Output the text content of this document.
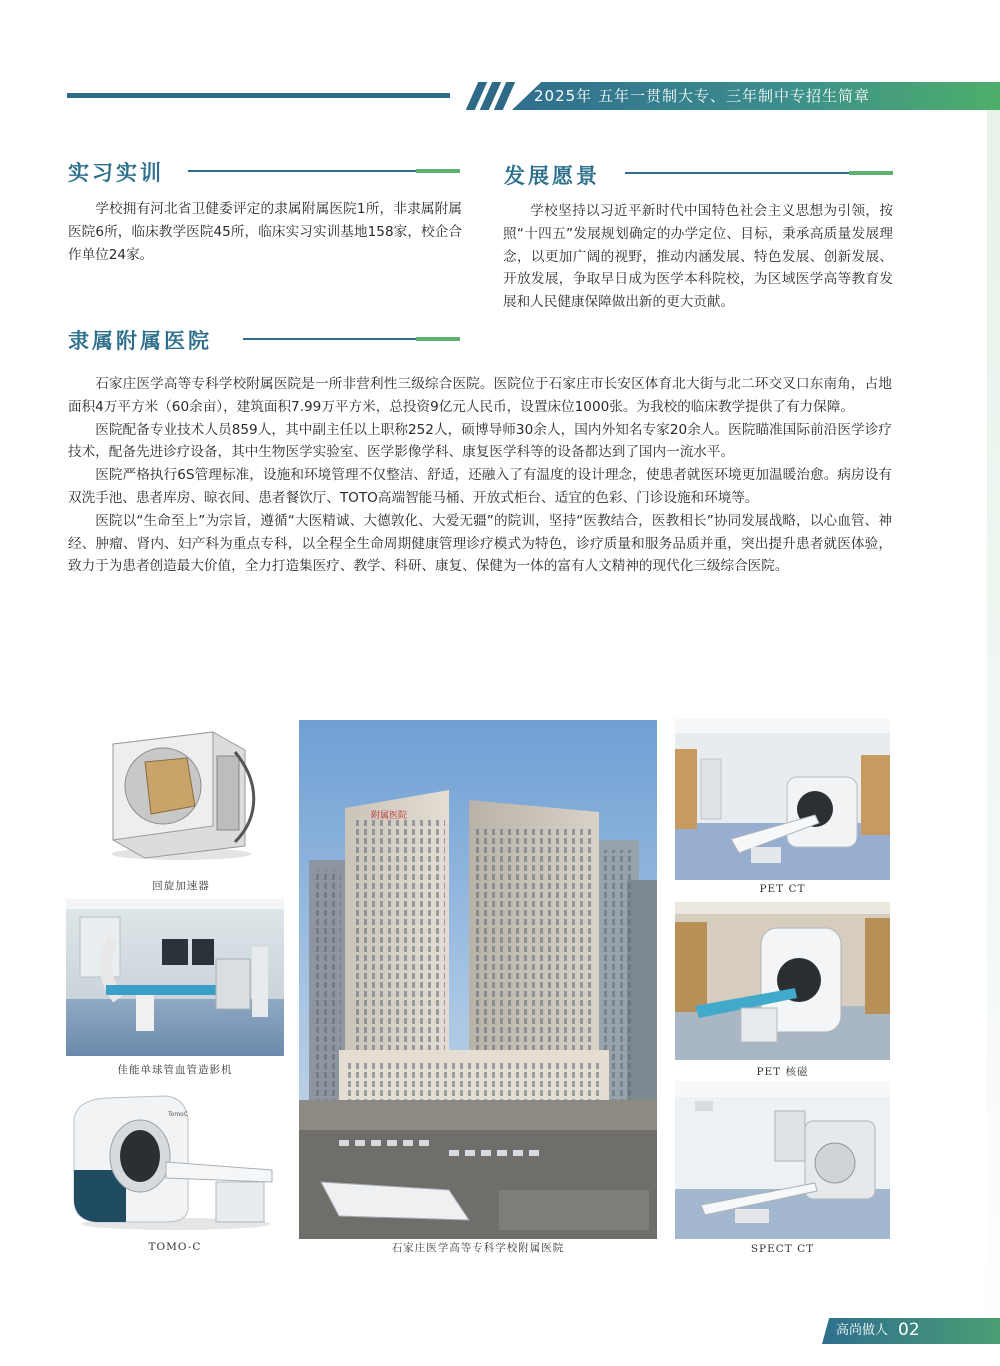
2025年 五年一贯制大专、三年制中专招生简章
实习实训
学校拥有河北省卫健委评定的隶属附属医院1所，非隶属附属医院6所，临床教学医院45所，临床实习实训基地158家，校企合作单位24家。
隶属附属医院
发展愿景
学校坚持以习近平新时代中国特色社会主义思想为引领，按照“十四五”发展规划确定的办学定位、目标，秉承高质量发展理念，以更加广阔的视野，推动内涵发展、特色发展、创新发展、开放发展，争取早日成为医学本科院校，为区域医学高等教育发展和人民健康保障做出新的更大贡献。

石家庄医学高等专科学校附属医院是一所非营利性三级综合医院。医院位于石家庄市长安区体育北大街与北二环交叉口东南角，占地面积4万平方米（60余亩），建筑面积7.99万平方米，总投资9亿元人民币，设置床位1000张。为我校的临床教学提供了有力保障。

医院配备专业技术人员859人，其中副主任以上职称252人，硕博导师30余人，国内外知名专家20余人。医院瞄准国际前沿医学诊疗技术，配备先进诊疗设备，其中生物医学实验室、医学影像学科、康复医学科等的设备都达到了国内一流水平。

医院严格执行6S管理标准，设施和环境管理不仅整洁、舒适，还融入了有温度的设计理念，使患者就医环境更加温暖治愈。病房设有双洗手池、患者库房、晾衣间、患者餐饮厅、TOTO高端智能马桶、开放式柜台、适宜的色彩、门诊设施和环境等。

医院以“生命至上”为宗旨，遵循“大医精诚、大德敦化、大爱无疆”的院训，坚持“医教结合，医教相长”协同发展战略，以心血管、神经、肿瘤、肾内、妇产科为重点专科，以全程全生命周期健康管理诊疗模式为特色，诊疗质量和服务品质并重，突出提升患者就医体验，致力于为患者创造最大价值，全力打造集医疗、教学、科研、康复、保健为一体的富有人文精神的现代化三级综合医院。

回旋加速器
佳能单球管血管造影机
TomoC
TOMO-C
附属医院
石家庄医学高等专科学校附属医院
PET CT
PET 核磁
SPECT CT
高尚做人 02
